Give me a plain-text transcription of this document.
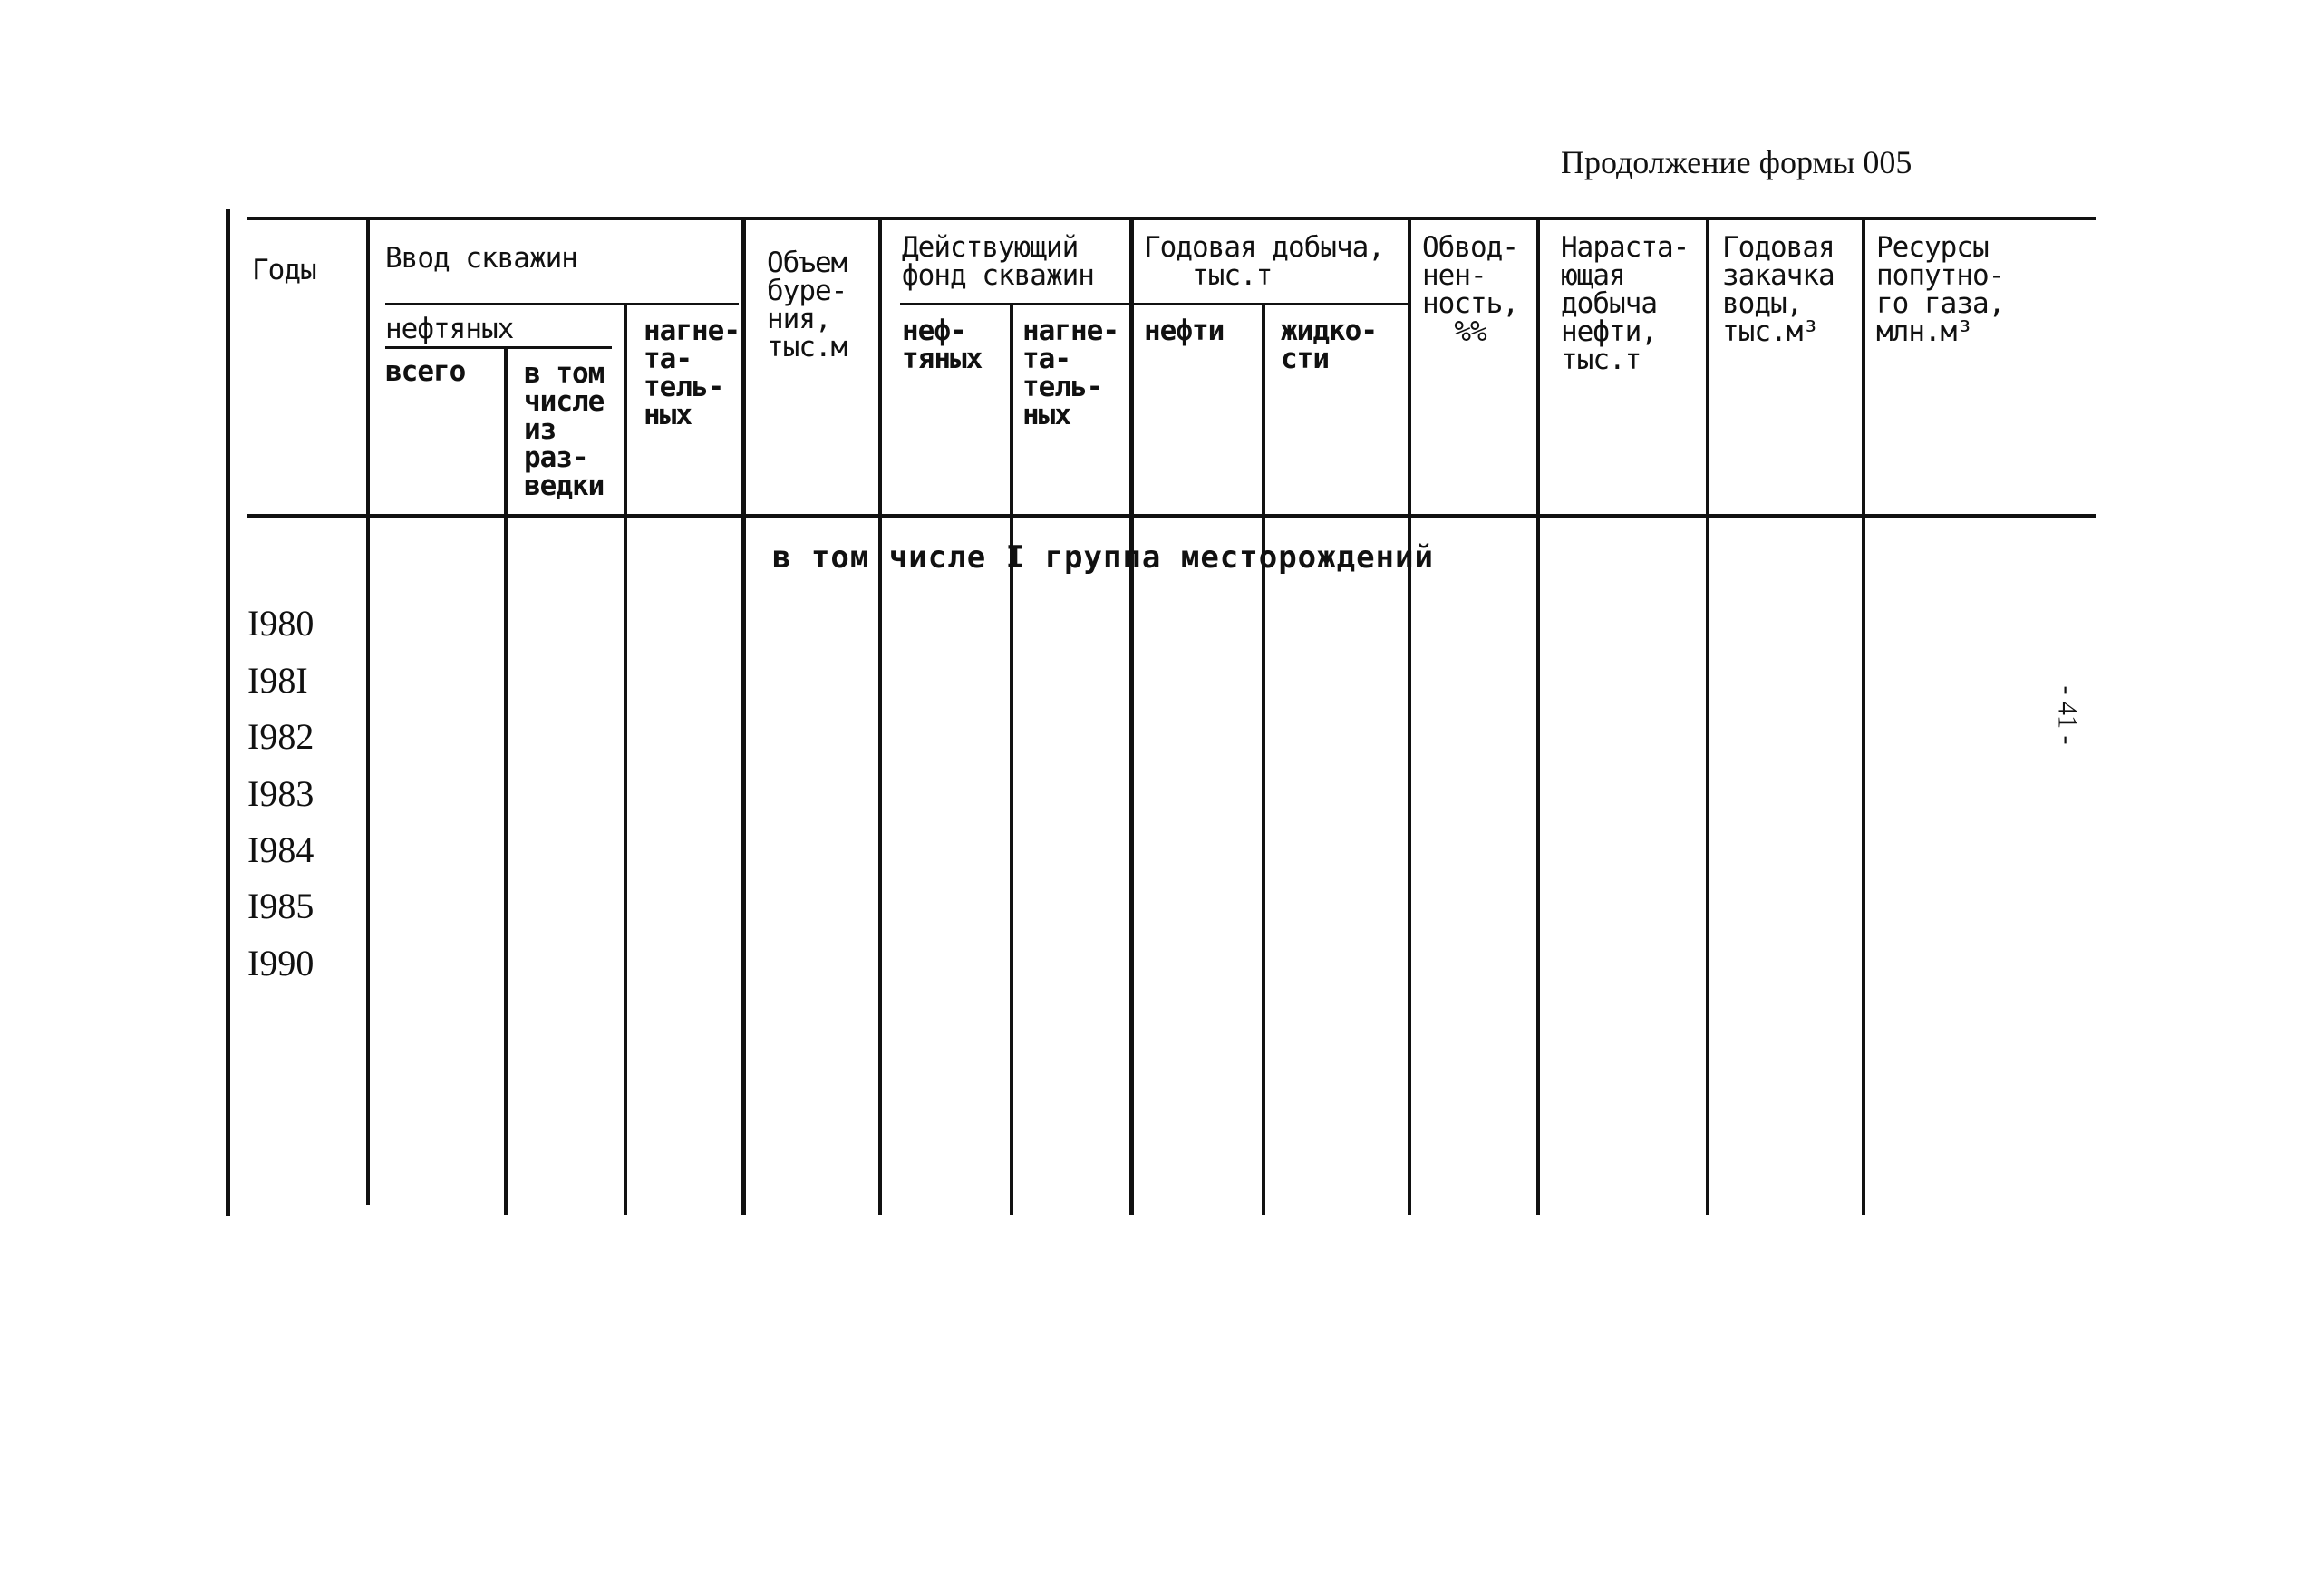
Продолжение формы 005
- 41 -
Годы Ввод скважин
нефтяных
всего в том
числе
из
раз-
ведки
нагне-
та-
тель-
ных
Объем
буре-
ния,
тыс.м
Действующий
фонд скважин
неф-
тяных
нагне-
та-
тель-
ных
Годовая добыча,
тыс.т
нефти жидко-
сти
Обвод-
нен-
ность,
%%
Нараста-
ющая
добыча
нефти,
тыс.т
Годовая
закачка
воды,
тыс.м³
Ресурсы
попутно-
го газа,
млн.м³
в том числе I группа месторождений
I980
I98I
I982
I983
I984
I985
I990
